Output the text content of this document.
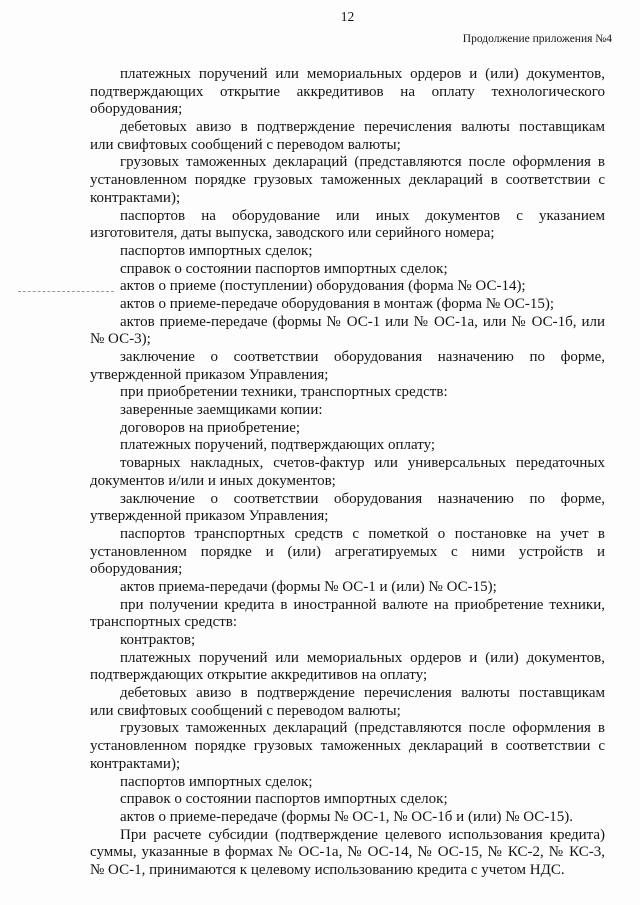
12
Продолжение приложения №4
платежных поручений или мемориальных ордеров и (или) документов,
подтверждающих открытие аккредитивов на оплату технологического
оборудования;
дебетовых авизо в подтверждение перечисления валюты поставщикам
или свифтовых сообщений с переводом валюты;
грузовых таможенных деклараций (представляются после оформления в
установленном порядке грузовых таможенных деклараций в соответствии с
контрактами);
паспортов на оборудование или иных документов с указанием
изготовителя, даты выпуска, заводского или серийного номера;
паспортов импортных сделок;
справок о состоянии паспортов импортных сделок;
актов о приеме (поступлении) оборудования (форма № ОС-14);
актов о приеме-передаче оборудования в монтаж (форма № ОС-15);
актов приеме-передаче (формы № ОС-1 или № ОС-1а, или № ОС-1б, или
№ ОС-3);
заключение о соответствии оборудования назначению по форме,
утвержденной приказом Управления;
при приобретении техники, транспортных средств:
заверенные заемщиками копии:
договоров на приобретение;
платежных поручений, подтверждающих оплату;
товарных накладных, счетов-фактур или универсальных передаточных
документов и/или и иных документов;
заключение о соответствии оборудования назначению по форме,
утвержденной приказом Управления;
паспортов транспортных средств с пометкой о постановке на учет в
установленном порядке и (или) агрегатируемых с ними устройств и
оборудования;
актов приема-передачи (формы № ОС-1 и (или) № ОС-15);
при получении кредита в иностранной валюте на приобретение техники,
транспортных средств:
контрактов;
платежных поручений или мемориальных ордеров и (или) документов,
подтверждающих открытие аккредитивов на оплату;
дебетовых авизо в подтверждение перечисления валюты поставщикам
или свифтовых сообщений с переводом валюты;
грузовых таможенных деклараций (представляются после оформления в
установленном порядке грузовых таможенных деклараций в соответствии с
контрактами);
паспортов импортных сделок;
справок о состоянии паспортов импортных сделок;
актов о приеме-передаче (формы № ОС-1, № ОС-1б и (или) № ОС-15).
При расчете субсидии (подтверждение целевого использования кредита)
суммы, указанные в формах № ОС-1а, № ОС-14, № ОС-15, № КС-2, № КС-3,
№ ОС-1, принимаются к целевому использованию кредита с учетом НДС.
